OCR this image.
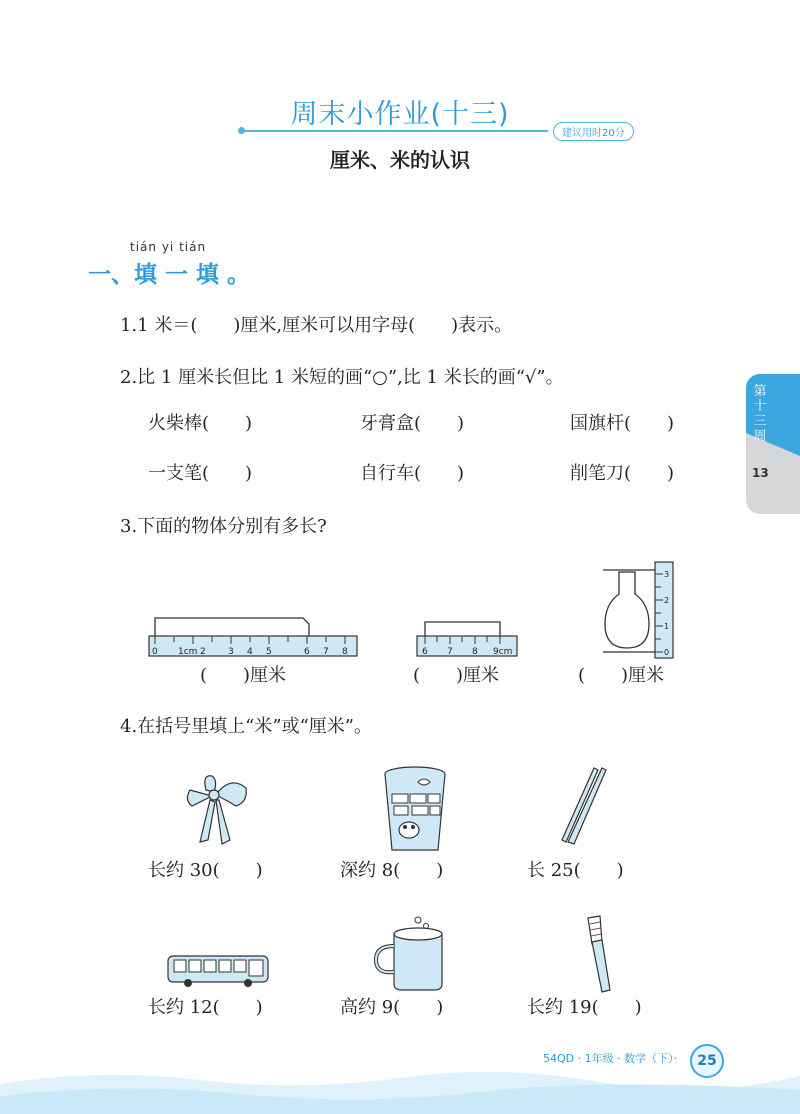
周末小作业(十三)
建议用时20分
厘米、米的认识
tián yi tián
一、填 一 填 。
1.1 米＝(　　)厘米,厘米可以用字母(　　)表示。
2.比 1 厘米长但比 1 米短的画“○”,比 1 米长的画“√”。
火柴棒(　　)	牙膏盒(　　)	国旗杆(　　)
一支笔(　　)	自行车(　　)	削笔刀(　　)
3.下面的物体分别有多长?
0 1cm 2 3 4 5	6 7 8	6 7 8 9cm	0
1
2
3
(　　)厘米	(　　)厘米	(　　)厘米
4.在括号里填上“米”或“厘米”。
长约 30(　　)	深约 8(　　)	长 25(　　)
长约 12(　　)	高约 9(　　)	长约 19(　　)
第十三周
13
54QD · 1年级 · 数学（下）·	25
